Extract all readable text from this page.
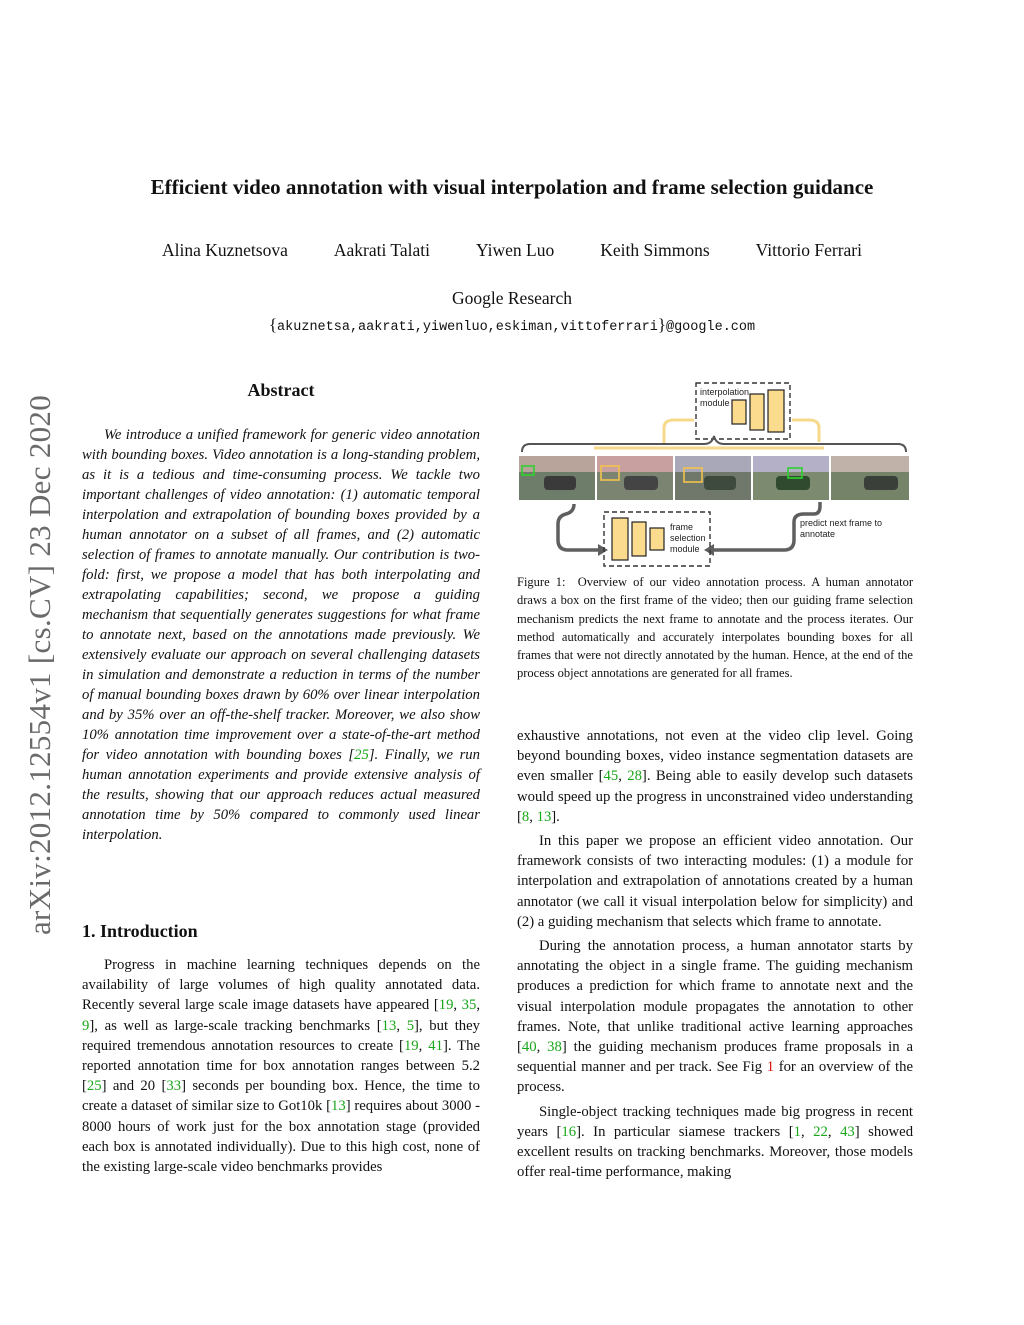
Efficient video annotation with visual interpolation and frame selection guidance
Alina Kuznetsova	Aakrati Talati	Yiwen Luo	Keith Simmons	Vittorio Ferrari
Google Research
{akuznetsa,aakrati,yiwenluo,eskiman,vittoferrari}@google.com
arXiv:2012.12554v1 [cs.CV] 23 Dec 2020
Abstract

We introduce a unified framework for generic video annotation with bounding boxes. Video annotation is a long-standing problem, as it is a tedious and time-consuming process. We tackle two important challenges of video annotation: (1) automatic temporal interpolation and extrapolation of bounding boxes provided by a human annotator on a subset of all frames, and (2) automatic selection of frames to annotate manually. Our contribution is two-fold: first, we propose a model that has both interpolating and extrapolating capabilities; second, we propose a guiding mechanism that sequentially generates suggestions for what frame to annotate next, based on the annotations made previously. We extensively evaluate our approach on several challenging datasets in simulation and demonstrate a reduction in terms of the number of manual bounding boxes drawn by 60% over linear interpolation and by 35% over an off-the-shelf tracker. Moreover, we also show 10% annotation time improvement over a state-of-the-art method for video annotation with bounding boxes [25]. Finally, we run human annotation experiments and provide extensive analysis of the results, showing that our approach reduces actual measured annotation time by 50% compared to commonly used linear interpolation.

1. Introduction

Progress in machine learning techniques depends on the availability of large volumes of high quality annotated data. Recently several large scale image datasets have appeared [19, 35, 9], as well as large-scale tracking benchmarks [13, 5], but they required tremendous annotation resources to create [19, 41]. The reported annotation time for box annotation ranges between 5.2 [25] and 20 [33] seconds per bounding box. Hence, the time to create a dataset of similar size to Got10k [13] requires about 3000 - 8000 hours of work just for the box annotation stage (provided each box is annotated individually). Due to this high cost, none of the existing large-scale video benchmarks provides

interpolation
module
frame
selection
module
predict next frame to
annotate

Figure 1: Overview of our video annotation process. A human annotator draws a box on the first frame of the video; then our guiding frame selection mechanism predicts the next frame to annotate and the process iterates. Our method automatically and accurately interpolates bounding boxes for all frames that were not directly annotated by the human. Hence, at the end of the process object annotations are generated for all frames.

exhaustive annotations, not even at the video clip level. Going beyond bounding boxes, video instance segmentation datasets are even smaller [45, 28]. Being able to easily develop such datasets would speed up the progress in unconstrained video understanding [8, 13].

In this paper we propose an efficient video annotation. Our framework consists of two interacting modules: (1) a module for interpolation and extrapolation of annotations created by a human annotator (we call it visual interpolation below for simplicity) and (2) a guiding mechanism that selects which frame to annotate.

During the annotation process, a human annotator starts by annotating the object in a single frame. The guiding mechanism produces a prediction for which frame to annotate next and the visual interpolation module propagates the annotation to other frames. Note, that unlike traditional active learning approaches [40, 38] the guiding mechanism produces frame proposals in a sequential manner and per track. See Fig 1 for an overview of the process.

Single-object tracking techniques made big progress in recent years [16]. In particular siamese trackers [1, 22, 43] showed excellent results on tracking benchmarks. Moreover, those models offer real-time performance, making
